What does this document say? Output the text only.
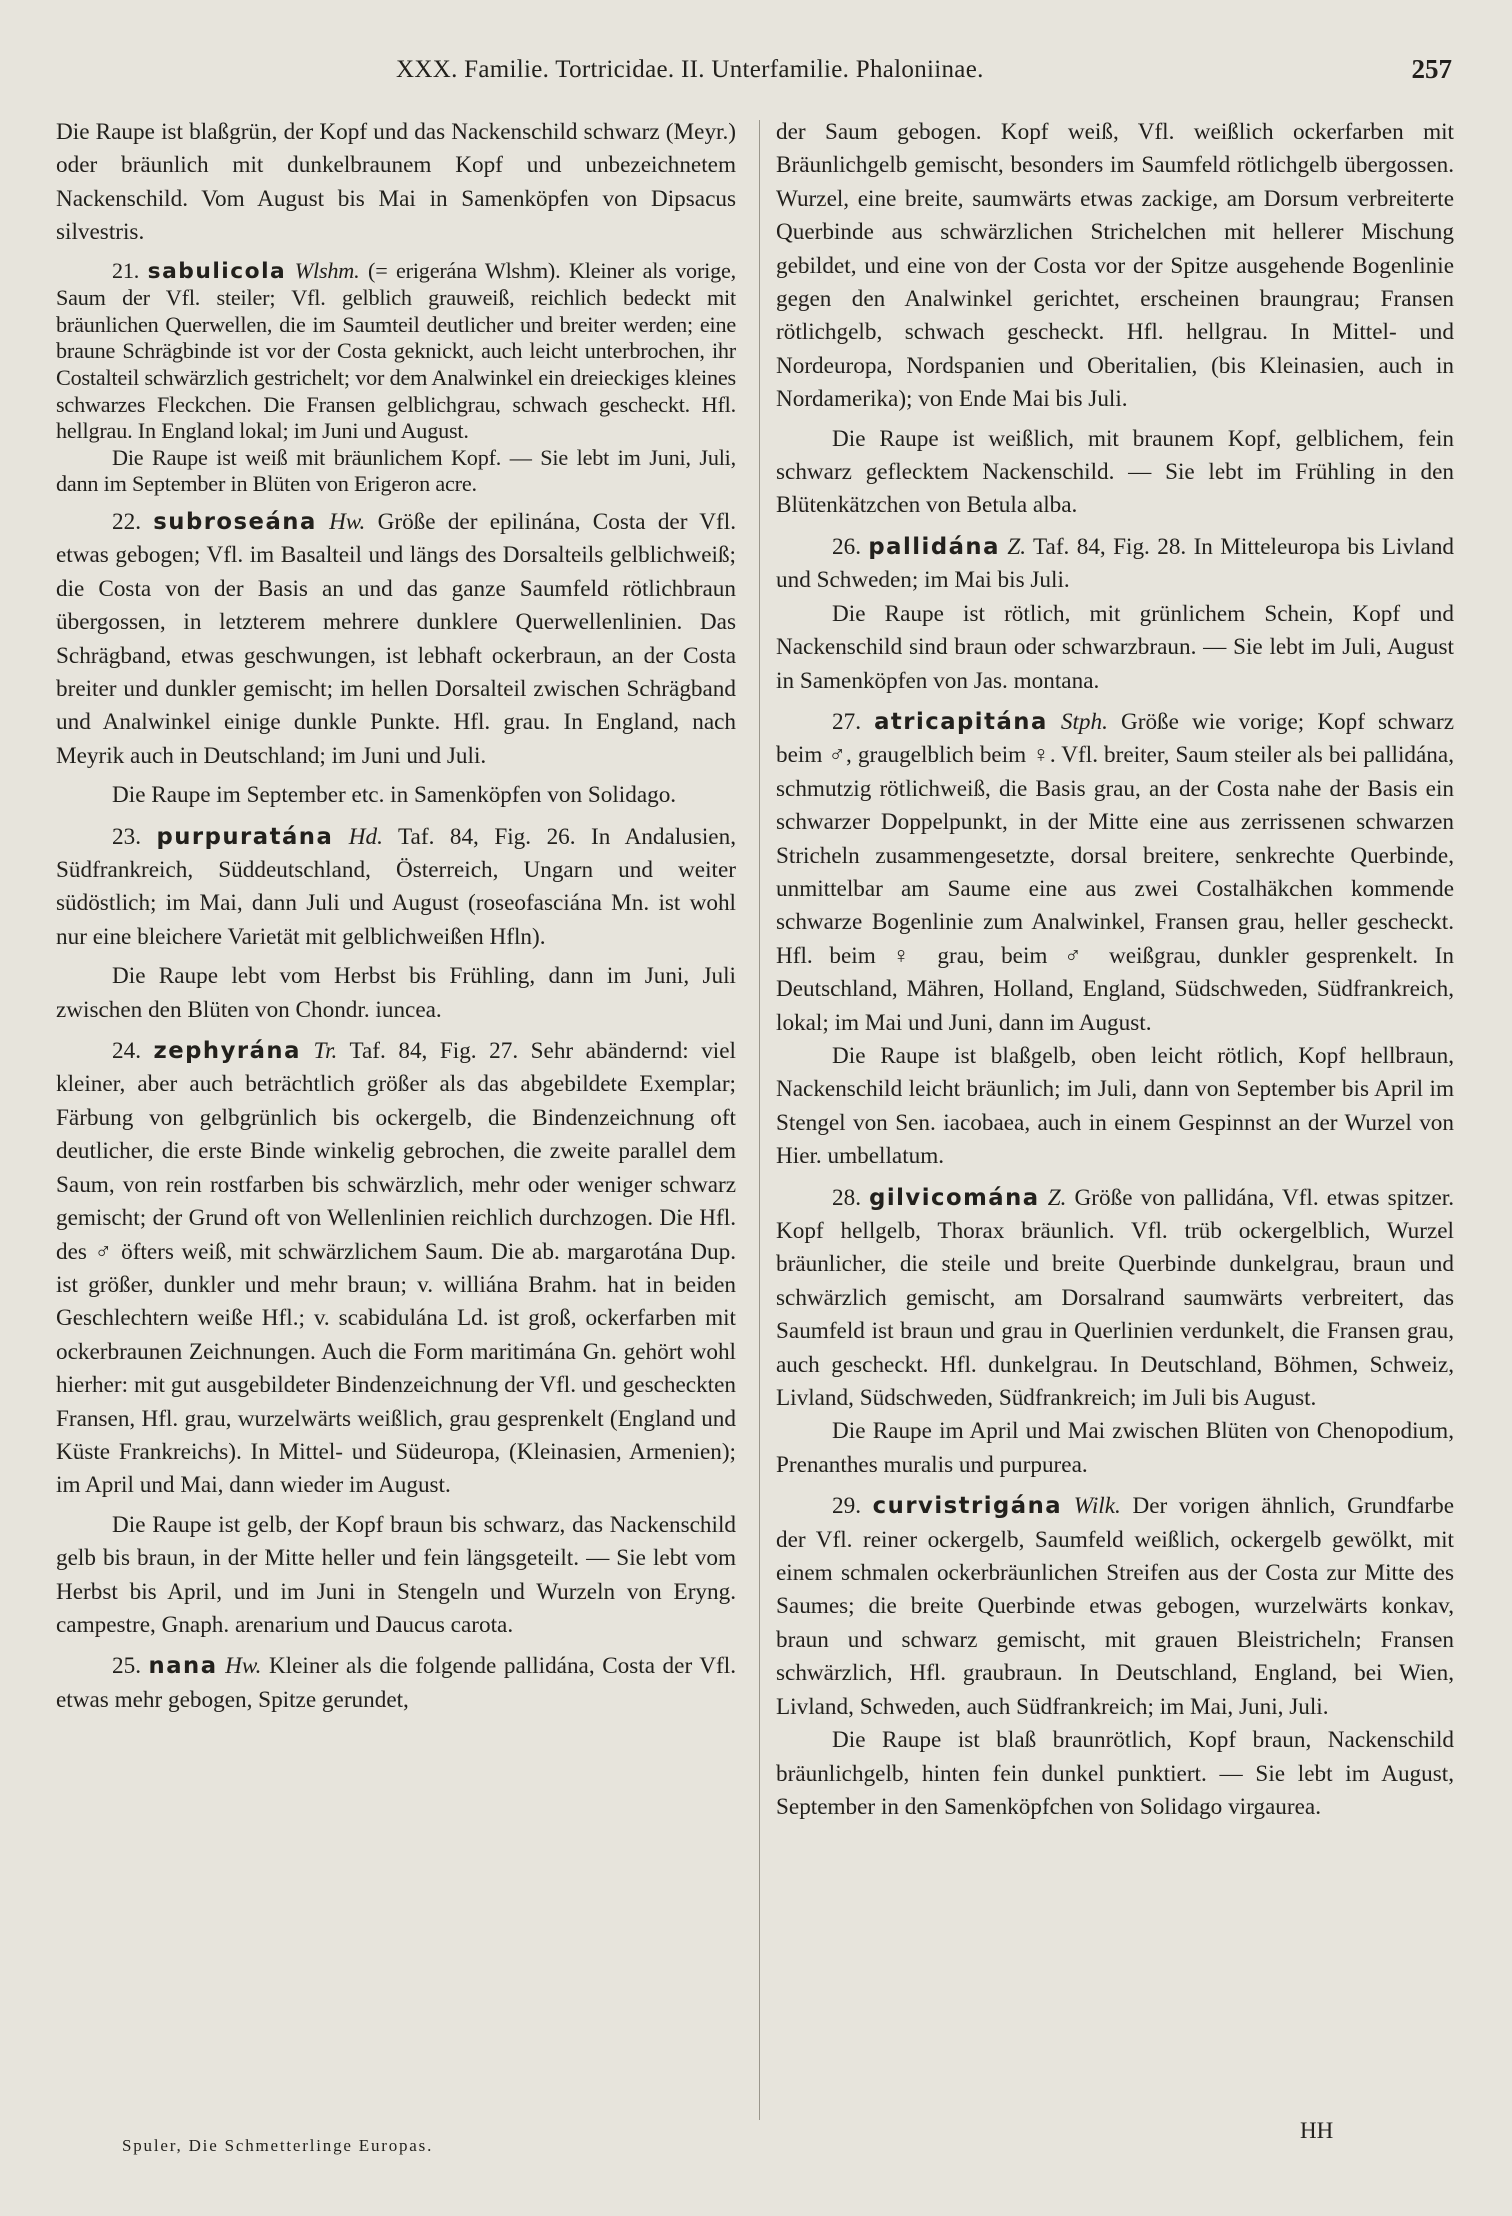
XXX. Familie. Tortricidae. II. Unterfamilie. Phaloniinae.	257

Die Raupe ist blaßgrün, der Kopf und das Nackenschild schwarz (Meyr.) oder bräunlich mit dunkelbraunem Kopf und unbezeichnetem Nackenschild. Vom August bis Mai in Samenköpfen von Dipsacus silvestris.

21. sabulicola Wlshm. (= erigerána Wlshm). Kleiner als vorige, Saum der Vfl. steiler; Vfl. gelblich grauweiß, reichlich bedeckt mit bräunlichen Querwellen, die im Saumteil deutlicher und breiter werden; eine braune Schrägbinde ist vor der Costa geknickt, auch leicht unterbrochen, ihr Costalteil schwärzlich gestrichelt; vor dem Analwinkel ein dreieckiges kleines schwarzes Fleckchen. Die Fransen gelblichgrau, schwach gescheckt. Hfl. hellgrau. In England lokal; im Juni und August.

Die Raupe ist weiß mit bräunlichem Kopf. — Sie lebt im Juni, Juli, dann im September in Blüten von Erigeron acre.

22. subroseána Hw. Größe der epilinána, Costa der Vfl. etwas gebogen; Vfl. im Basalteil und längs des Dorsalteils gelblichweiß; die Costa von der Basis an und das ganze Saumfeld rötlichbraun übergossen, in letzterem mehrere dunklere Querwellenlinien. Das Schrägband, etwas geschwungen, ist lebhaft ockerbraun, an der Costa breiter und dunkler gemischt; im hellen Dorsalteil zwischen Schrägband und Analwinkel einige dunkle Punkte. Hfl. grau. In England, nach Meyrik auch in Deutschland; im Juni und Juli.

Die Raupe im September etc. in Samenköpfen von Solidago.

23. purpuratána Hd. Taf. 84, Fig. 26. In Andalusien, Südfrankreich, Süddeutschland, Österreich, Ungarn und weiter südöstlich; im Mai, dann Juli und August (roseofasciána Mn. ist wohl nur eine bleichere Varietät mit gelblichweißen Hfln).

Die Raupe lebt vom Herbst bis Frühling, dann im Juni, Juli zwischen den Blüten von Chondr. iuncea.

24. zephyrána Tr. Taf. 84, Fig. 27. Sehr abändernd: viel kleiner, aber auch beträchtlich größer als das abgebildete Exemplar; Färbung von gelbgrünlich bis ockergelb, die Bindenzeichnung oft deutlicher, die erste Binde winkelig gebrochen, die zweite parallel dem Saum, von rein rostfarben bis schwärzlich, mehr oder weniger schwarz gemischt; der Grund oft von Wellenlinien reichlich durchzogen. Die Hfl. des ♂ öfters weiß, mit schwärzlichem Saum. Die ab. margarotána Dup. ist größer, dunkler und mehr braun; v. williána Brahm. hat in beiden Geschlechtern weiße Hfl.; v. scabidulána Ld. ist groß, ockerfarben mit ockerbraunen Zeichnungen. Auch die Form maritimána Gn. gehört wohl hierher: mit gut ausgebildeter Bindenzeichnung der Vfl. und gescheckten Fransen, Hfl. grau, wurzelwärts weißlich, grau gesprenkelt (England und Küste Frankreichs). In Mittel- und Südeuropa, (Kleinasien, Armenien); im April und Mai, dann wieder im August.

Die Raupe ist gelb, der Kopf braun bis schwarz, das Nackenschild gelb bis braun, in der Mitte heller und fein längsgeteilt. — Sie lebt vom Herbst bis April, und im Juni in Stengeln und Wurzeln von Eryng. campestre, Gnaph. arenarium und Daucus carota.

25. nana Hw. Kleiner als die folgende pallidána, Costa der Vfl. etwas mehr gebogen, Spitze gerundet,

der Saum gebogen. Kopf weiß, Vfl. weißlich ockerfarben mit Bräunlichgelb gemischt, besonders im Saumfeld rötlichgelb übergossen. Wurzel, eine breite, saumwärts etwas zackige, am Dorsum verbreiterte Querbinde aus schwärzlichen Strichelchen mit hellerer Mischung gebildet, und eine von der Costa vor der Spitze ausgehende Bogenlinie gegen den Analwinkel gerichtet, erscheinen braungrau; Fransen rötlichgelb, schwach gescheckt. Hfl. hellgrau. In Mittel- und Nordeuropa, Nordspanien und Oberitalien, (bis Kleinasien, auch in Nordamerika); von Ende Mai bis Juli.

Die Raupe ist weißlich, mit braunem Kopf, gelblichem, fein schwarz geflecktem Nackenschild. — Sie lebt im Frühling in den Blütenkätzchen von Betula alba.

26. pallidána Z. Taf. 84, Fig. 28. In Mitteleuropa bis Livland und Schweden; im Mai bis Juli.

Die Raupe ist rötlich, mit grünlichem Schein, Kopf und Nackenschild sind braun oder schwarzbraun. — Sie lebt im Juli, August in Samenköpfen von Jas. montana.

27. atricapitána Stph. Größe wie vorige; Kopf schwarz beim ♂, graugelblich beim ♀. Vfl. breiter, Saum steiler als bei pallidána, schmutzig rötlichweiß, die Basis grau, an der Costa nahe der Basis ein schwarzer Doppelpunkt, in der Mitte eine aus zerrissenen schwarzen Stricheln zusammengesetzte, dorsal breitere, senkrechte Querbinde, unmittelbar am Saume eine aus zwei Costalhäkchen kommende schwarze Bogenlinie zum Analwinkel, Fransen grau, heller gescheckt. Hfl. beim ♀ grau, beim ♂ weißgrau, dunkler gesprenkelt. In Deutschland, Mähren, Holland, England, Südschweden, Südfrankreich, lokal; im Mai und Juni, dann im August.

Die Raupe ist blaßgelb, oben leicht rötlich, Kopf hellbraun, Nackenschild leicht bräunlich; im Juli, dann von September bis April im Stengel von Sen. iacobaea, auch in einem Gespinnst an der Wurzel von Hier. umbellatum.

28. gilvicomána Z. Größe von pallidána, Vfl. etwas spitzer. Kopf hellgelb, Thorax bräunlich. Vfl. trüb ockergelblich, Wurzel bräunlicher, die steile und breite Querbinde dunkelgrau, braun und schwärzlich gemischt, am Dorsalrand saumwärts verbreitert, das Saumfeld ist braun und grau in Querlinien verdunkelt, die Fransen grau, auch gescheckt. Hfl. dunkelgrau. In Deutschland, Böhmen, Schweiz, Livland, Südschweden, Südfrankreich; im Juli bis August.

Die Raupe im April und Mai zwischen Blüten von Chenopodium, Prenanthes muralis und purpurea.

29. curvistrigána Wilk. Der vorigen ähnlich, Grundfarbe der Vfl. reiner ockergelb, Saumfeld weißlich, ockergelb gewölkt, mit einem schmalen ockerbräunlichen Streifen aus der Costa zur Mitte des Saumes; die breite Querbinde etwas gebogen, wurzelwärts konkav, braun und schwarz gemischt, mit grauen Bleistricheln; Fransen schwärzlich, Hfl. graubraun. In Deutschland, England, bei Wien, Livland, Schweden, auch Südfrankreich; im Mai, Juni, Juli.

Die Raupe ist blaß braunrötlich, Kopf braun, Nackenschild bräunlichgelb, hinten fein dunkel punktiert. — Sie lebt im August, September in den Samenköpfchen von Solidago virgaurea.

Spuler, Die Schmetterlinge Europas.
HH
